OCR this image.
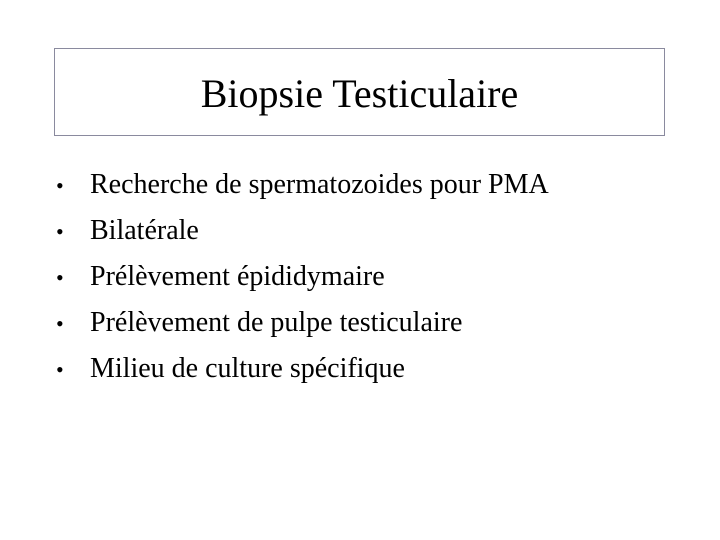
Biopsie Testiculaire
• Recherche de spermatozoides pour PMA
• Bilatérale
• Prélèvement épididymaire
• Prélèvement de pulpe testiculaire
• Milieu de culture spécifique
